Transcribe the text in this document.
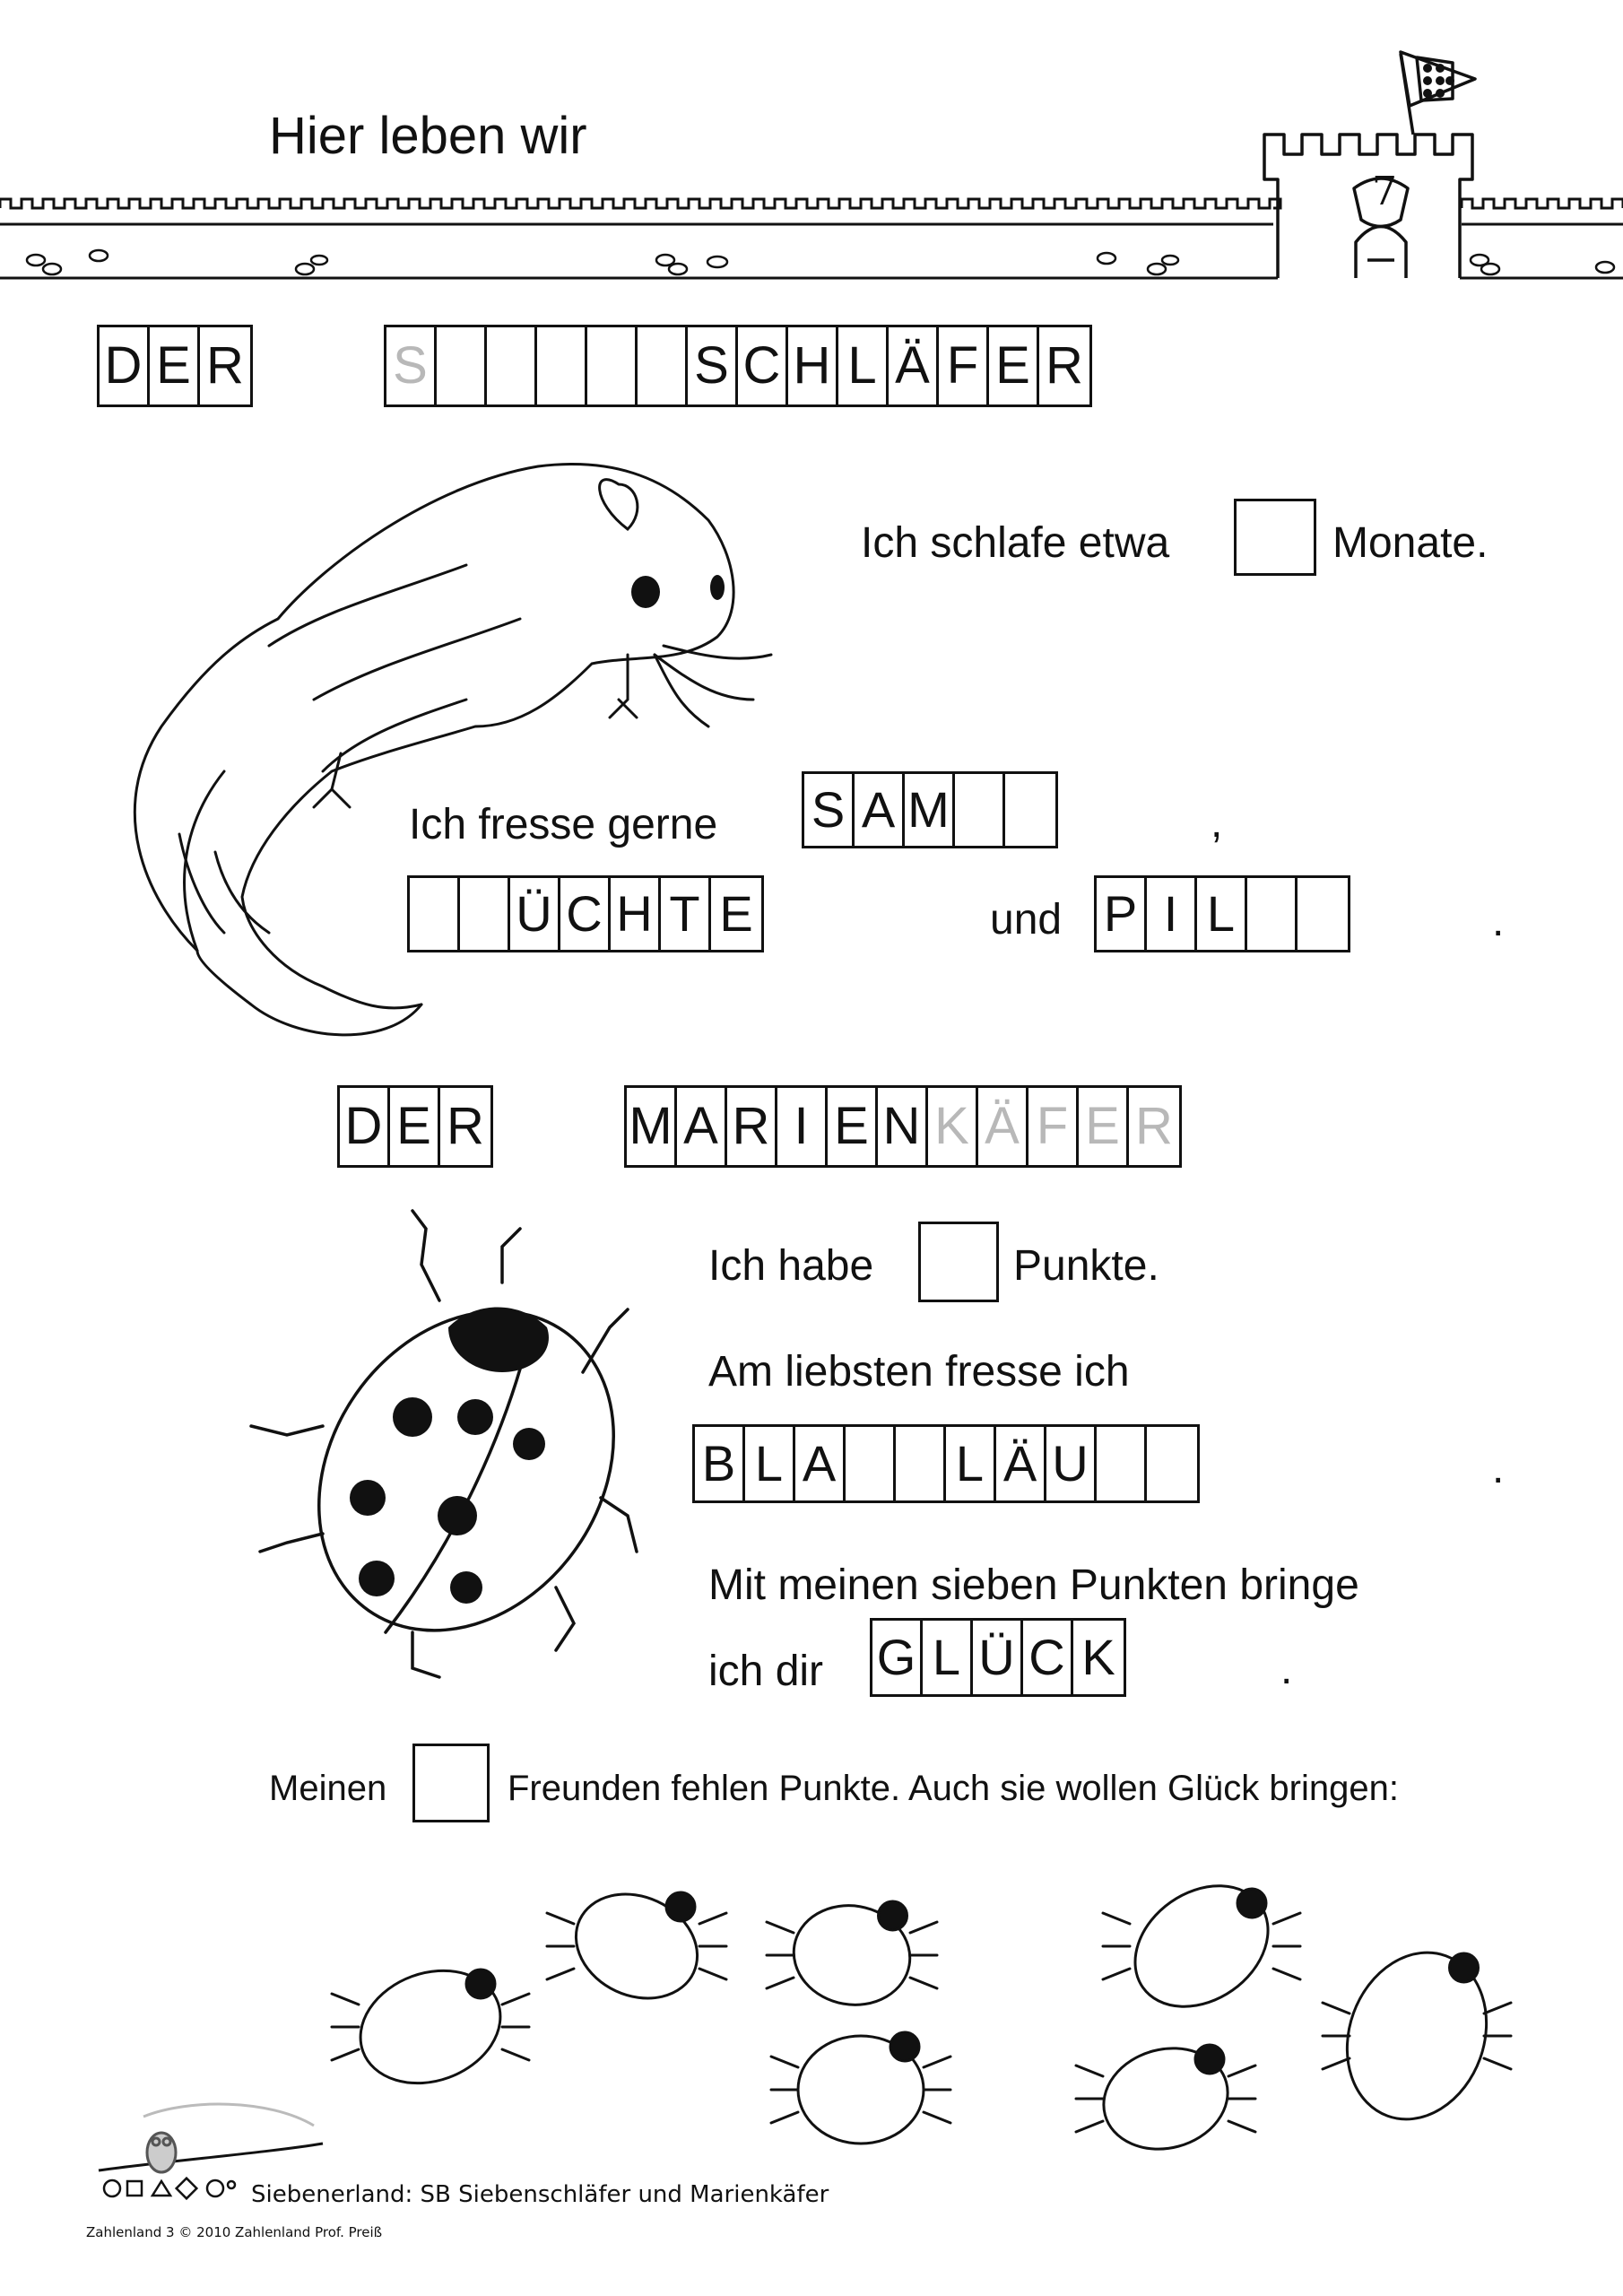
Hier leben wir
7
D E R	S	S C H L Ä F E R
Ich schlafe etwa	Monate.
Ich fresse gerne S A M	,
Ü C H T E	und P I L	.
D E R	M A R I E N K Ä F E R
Ich habe	Punkte.
Am liebsten fresse ich
B L A L Ä U	.
Mit meinen sieben Punkten bringe
ich dir G L Ü C K	.
Meinen	Freunden fehlen Punkte. Auch sie wollen Glück bringen:
Siebenerland: SB Siebenschläfer und Marienkäfer
Zahlenland 3 © 2010 Zahlenland Prof. Preiß
